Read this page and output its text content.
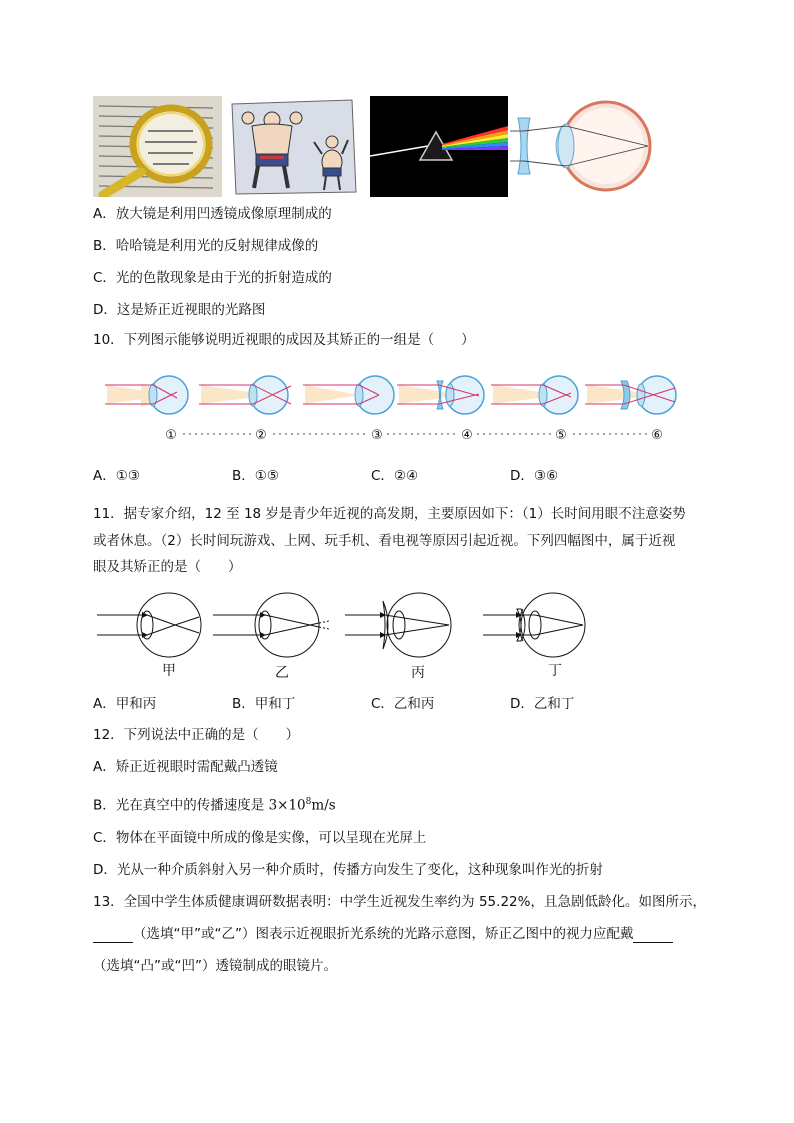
A．放大镜是利用凹透镜成像原理制成的
B．哈哈镜是利用光的反射规律成像的
C．光的色散现象是由于光的折射造成的
D．这是矫正近视眼的光路图
10．下列图示能够说明近视眼的成因及其矫正的一组是（　　）
①	②	③	④	⑤	⑥
A．①③	B．①⑤	C．②④	D．③⑥
11．据专家介绍，12 至 18 岁是青少年近视的高发期，主要原因如下：（1）长时间用眼不注意姿势
或者休息。（2）长时间玩游戏、上网、玩手机、看电视等原因引起近视。下列四幅图中，属于近视
眼及其矫正的是（　　）
甲	乙	丙	丁
A．甲和丙	B．甲和丁	C．乙和丙	D．乙和丁
12．下列说法中正确的是（　　）
A．矫正近视眼时需配戴凸透镜
B．光在真空中的传播速度是 $3\times 10^8m/s$
C．物体在平面镜中所成的像是实像，可以呈现在光屏上
D．光从一种介质斜射入另一种介质时，传播方向发生了变化，这种现象叫作光的折射
13．全国中学生体质健康调研数据表明：中学生近视发生率约为 55.22%，且急剧低龄化。如图所示，
（选填“甲”或“乙”）图表示近视眼折光系统的光路示意图，矫正乙图中的视力应配戴
（选填“凸”或“凹”）透镜制成的眼镜片。
